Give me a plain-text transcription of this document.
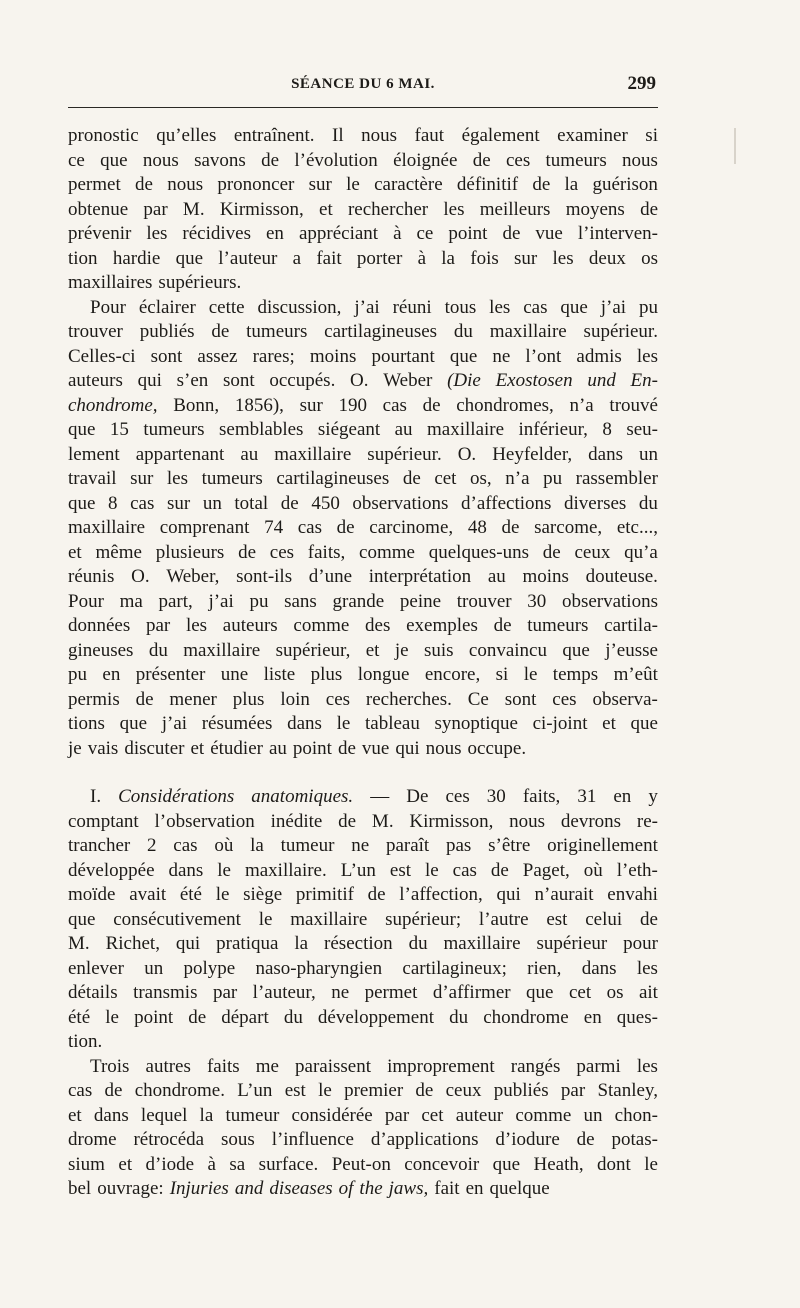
SÉANCE DU 6 MAI.	299
pronostic qu’elles entraînent. Il nous faut également examiner si
ce que nous savons de l’évolution éloignée de ces tumeurs nous
permet de nous prononcer sur le caractère définitif de la guérison
obtenue par M. Kirmisson, et rechercher les meilleurs moyens de
prévenir les récidives en appréciant à ce point de vue l’interven-
tion hardie que l’auteur a fait porter à la fois sur les deux os
maxillaires supérieurs.
Pour éclairer cette discussion, j’ai réuni tous les cas que j’ai pu
trouver publiés de tumeurs cartilagineuses du maxillaire supérieur.
Celles-ci sont assez rares; moins pourtant que ne l’ont admis les
auteurs qui s’en sont occupés. O. Weber (Die Exostosen und En-
chondrome, Bonn, 1856), sur 190 cas de chondromes, n’a trouvé
que 15 tumeurs semblables siégeant au maxillaire inférieur, 8 seu-
lement appartenant au maxillaire supérieur. O. Heyfelder, dans un
travail sur les tumeurs cartilagineuses de cet os, n’a pu rassembler
que 8 cas sur un total de 450 observations d’affections diverses du
maxillaire comprenant 74 cas de carcinome, 48 de sarcome, etc...,
et même plusieurs de ces faits, comme quelques-uns de ceux qu’a
réunis O. Weber, sont-ils d’une interprétation au moins douteuse.
Pour ma part, j’ai pu sans grande peine trouver 30 observations
données par les auteurs comme des exemples de tumeurs cartila-
gineuses du maxillaire supérieur, et je suis convaincu que j’eusse
pu en présenter une liste plus longue encore, si le temps m’eût
permis de mener plus loin ces recherches. Ce sont ces observa-
tions que j’ai résumées dans le tableau synoptique ci-joint et que
je vais discuter et étudier au point de vue qui nous occupe.
I. Considérations anatomiques. — De ces 30 faits, 31 en y
comptant l’observation inédite de M. Kirmisson, nous devrons re-
trancher 2 cas où la tumeur ne paraît pas s’être originellement
développée dans le maxillaire. L’un est le cas de Paget, où l’eth-
moïde avait été le siège primitif de l’affection, qui n’aurait envahi
que consécutivement le maxillaire supérieur; l’autre est celui de
M. Richet, qui pratiqua la résection du maxillaire supérieur pour
enlever un polype naso-pharyngien cartilagineux; rien, dans les
détails transmis par l’auteur, ne permet d’affirmer que cet os ait
été le point de départ du développement du chondrome en ques-
tion.
Trois autres faits me paraissent improprement rangés parmi les
cas de chondrome. L’un est le premier de ceux publiés par Stanley,
et dans lequel la tumeur considérée par cet auteur comme un chon-
drome rétrocéda sous l’influence d’applications d’iodure de potas-
sium et d’iode à sa surface. Peut-on concevoir que Heath, dont le
bel ouvrage: Injuries and diseases of the jaws, fait en quelque
